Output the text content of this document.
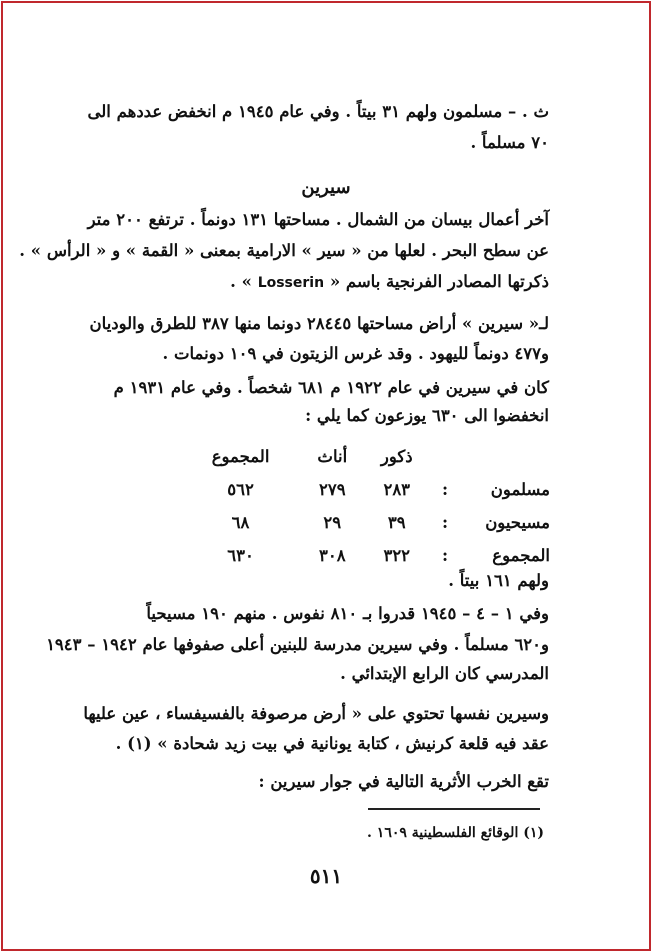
ث . – مسلمون ولهم ٣١ بيتاً . وفي عام ١٩٤٥ م انخفض عددهم الى
٧٠ مسلماً .
سيرين
آخر أعمال بيسان من الشمال . مساحتها ١٣١ دونماً . ترتفع ٢٠٠ متر
عن سطح البحر . لعلها من « سير » الارامية بمعنى « القمة » و « الرأس » .
ذكرتها المصادر الفرنجية باسم « Losserin » .
لـ« سيرين » أراض مساحتها ٢٨٤٤٥ دونما منها ٣٨٧ للطرق والوديان
و٤٧٧ دونماً لليهود . وقد غرس الزيتون في ١٠٩ دونمات .
كان في سيرين في عام ١٩٢٢ م ٦٨١ شخصاً . وفي عام ١٩٣١ م
انخفضوا الى ٦٣٠ يوزعون كما يلي :
		ذكور	أناث	المجموع
مسلمون	:	٢٨٣	٢٧٩	٥٦٢
مسيحيون	:	٣٩	٢٩	٦٨
المجموع	:	٣٢٢	٣٠٨	٦٣٠
ولهم ١٦١ بيتاً .
وفي ١ – ٤ – ١٩٤٥ قدروا بـ ٨١٠ نفوس . منهم ١٩٠ مسيحياً
و٦٢٠ مسلماً . وفي سيرين مدرسة للبنين أعلى صفوفها عام ١٩٤٢ – ١٩٤٣
المدرسي كان الرابع الإبتدائي .
وسيرين نفسها تحتوي على « أرض مرصوفة بالفسيفساء ، عين عليها
عقد فيه قلعة كرنيش ، كتابة يونانية في بيت زيد شحادة » (١) .
تقع الخرب الأثرية التالية في جوار سيرين :
(١) الوقائع الفلسطينية ١٦٠٩ .
٥١١
